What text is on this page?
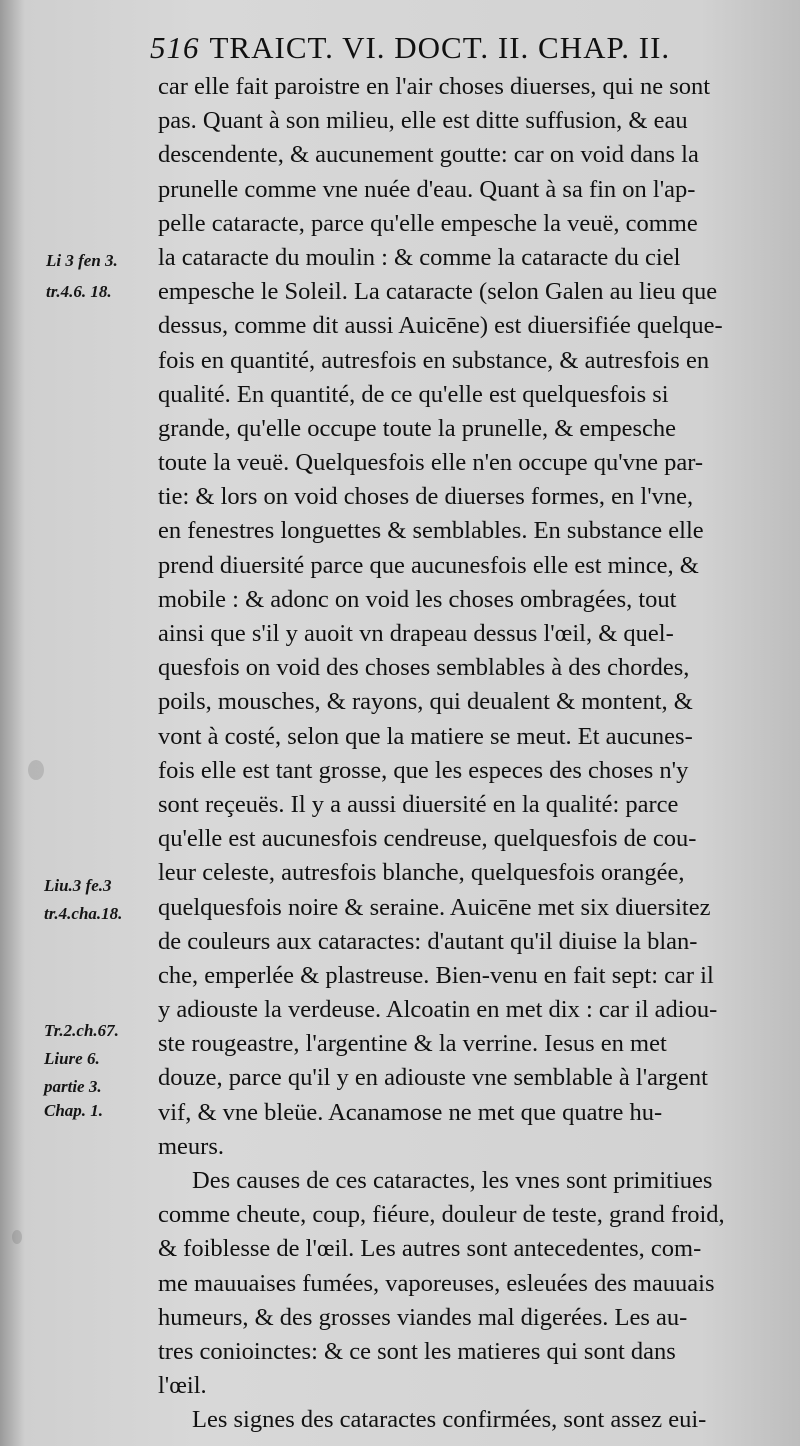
516 TRAICT. VI. DOCT. II. CHAP. II.
car elle fait paroistre en l'air choses diuerses, qui ne sont
pas. Quant à son milieu, elle est ditte suffusion, & eau
descendente, & aucunement goutte: car on void dans la
prunelle comme vne nuée d'eau. Quant à sa fin on l'ap-
pelle cataracte, parce qu'elle empesche la veuë, comme
la cataracte du moulin : & comme la cataracte du ciel
empesche le Soleil. La cataracte (selon Galen au lieu que
dessus, comme dit aussi Auicēne) est diuersifiée quelque-
fois en quantité, autresfois en substance, & autresfois en
qualité. En quantité, de ce qu'elle est quelquesfois si
grande, qu'elle occupe toute la prunelle, & empesche
toute la veuë. Quelquesfois elle n'en occupe qu'vne par-
tie: & lors on void choses de diuerses formes, en l'vne,
en fenestres longuettes & semblables. En substance elle
prend diuersité parce que aucunesfois elle est mince, &
mobile : & adonc on void les choses ombragées, tout
ainsi que s'il y auoit vn drapeau dessus l'œil, & quel-
quesfois on void des choses semblables à des chordes,
poils, mousches, & rayons, qui deualent & montent, &
vont à costé, selon que la matiere se meut. Et aucunes-
fois elle est tant grosse, que les especes des choses n'y
sont reçeuës. Il y a aussi diuersité en la qualité: parce
qu'elle est aucunesfois cendreuse, quelquesfois de cou-
leur celeste, autresfois blanche, quelquesfois orangée,
quelquesfois noire & seraine. Auicēne met six diuersitez
de couleurs aux cataractes: d'autant qu'il diuise la blan-
che, emperlée & plastreuse. Bien-venu en fait sept: car il
y adiouste la verdeuse. Alcoatin en met dix : car il adiou-
ste rougeastre, l'argentine & la verrine. Iesus en met
douze, parce qu'il y en adiouste vne semblable à l'argent
vif, & vne bleüe. Acanamose ne met que quatre hu-
meurs.
Des causes de ces cataractes, les vnes sont primitiues
comme cheute, coup, fiéure, douleur de teste, grand froid,
& foiblesse de l'œil. Les autres sont antecedentes, com-
me mauuaises fumées, vaporeuses, esleuées des mauuais
humeurs, & des grosses viandes mal digerées. Les au-
tres conioinctes: & ce sont les matieres qui sont dans
l'œil.
Les signes des cataractes confirmées, sont assez eui-
Li 3 fen 3.
tr.4.6. 18.
Liu.3 fe.3
tr.4.cha.18.
Tr.2.ch.67.
Liure 6.
partie 3.
Chap. 1.
